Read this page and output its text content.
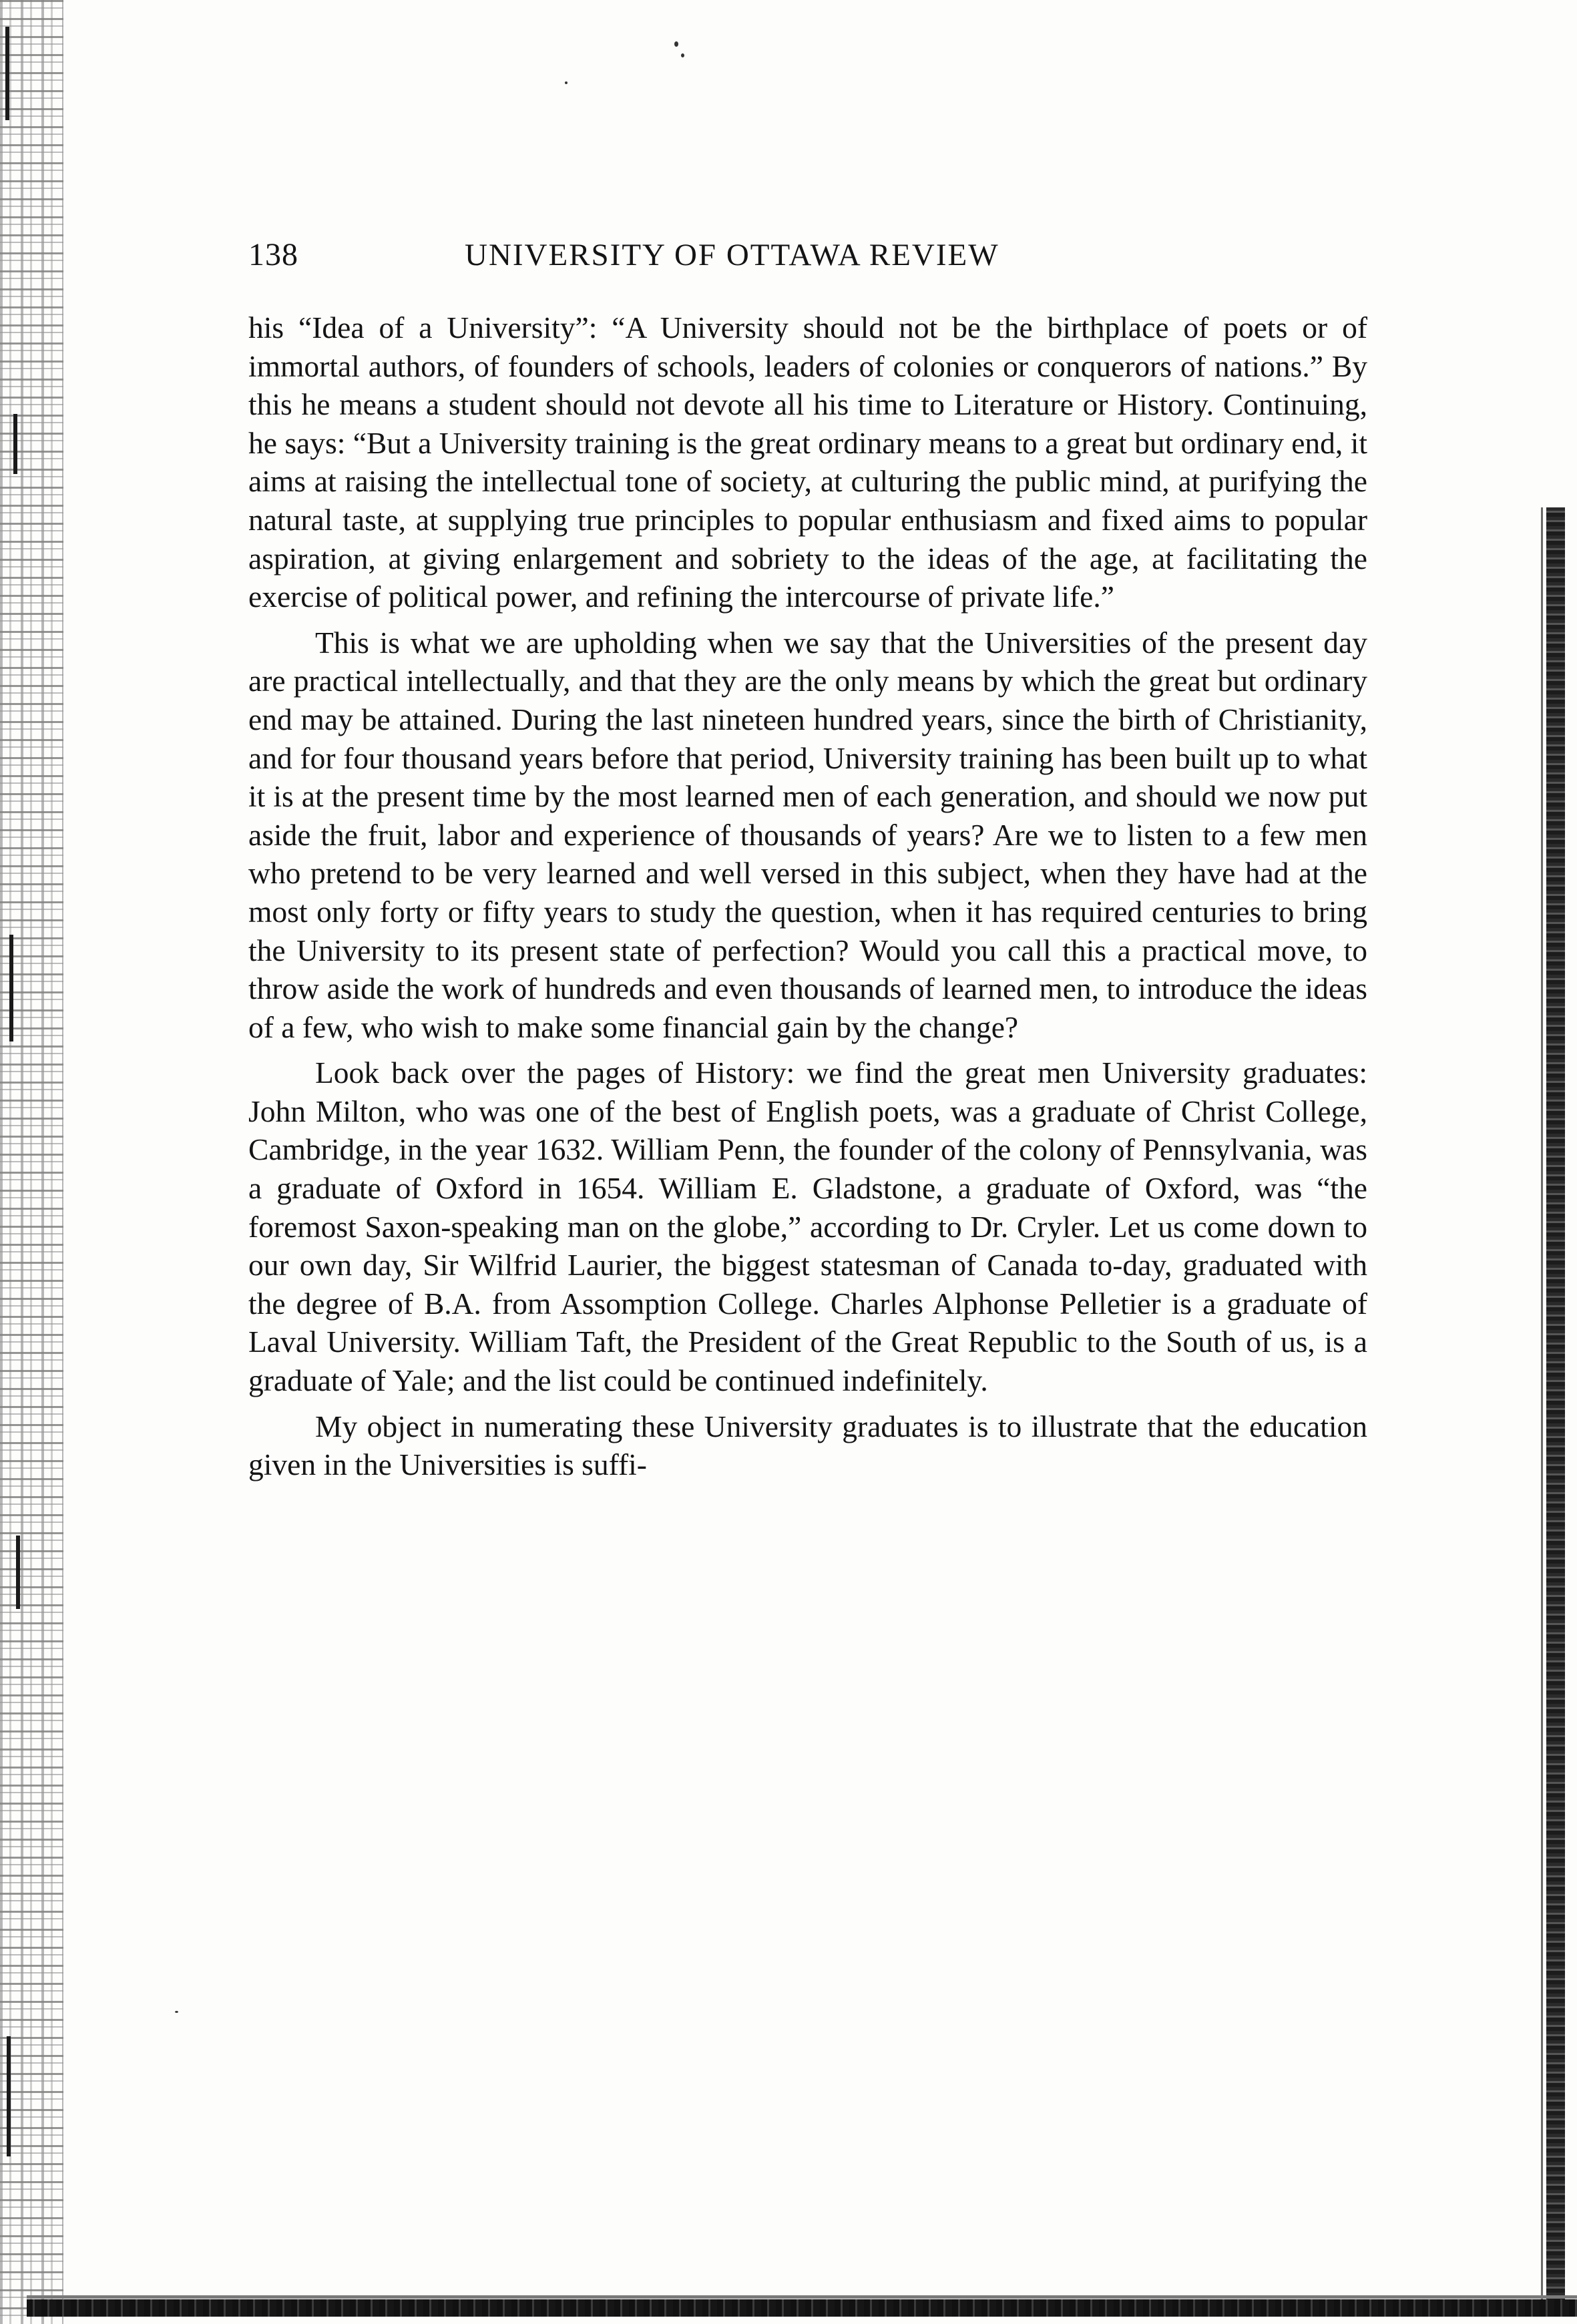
138	UNIVERSITY OF OTTAWA REVIEW

his “Idea of a University”: “A University should not be the birthplace of poets or of immortal authors, of founders of schools, leaders of colonies or conquerors of nations.” By this he means a student should not devote all his time to Literature or History. Continuing, he says: “But a University training is the great ordinary means to a great but ordinary end, it aims at raising the intellectual tone of society, at culturing the public mind, at purifying the natural taste, at supplying true principles to popular enthusiasm and fixed aims to popular aspiration, at giving enlargement and sobriety to the ideas of the age, at facilitating the exercise of political power, and refining the intercourse of private life.”

This is what we are upholding when we say that the Universities of the present day are practical intellectually, and that they are the only means by which the great but ordinary end may be attained. During the last nineteen hundred years, since the birth of Christianity, and for four thousand years before that period, University training has been built up to what it is at the present time by the most learned men of each generation, and should we now put aside the fruit, labor and experience of thousands of years? Are we to listen to a few men who pretend to be very learned and well versed in this subject, when they have had at the most only forty or fifty years to study the question, when it has required centuries to bring the University to its present state of perfection? Would you call this a practical move, to throw aside the work of hundreds and even thousands of learned men, to introduce the ideas of a few, who wish to make some financial gain by the change?

Look back over the pages of History: we find the great men University graduates: John Milton, who was one of the best of English poets, was a graduate of Christ College, Cambridge, in the year 1632. William Penn, the founder of the colony of Pennsylvania, was a graduate of Oxford in 1654. William E. Gladstone, a graduate of Oxford, was “the foremost Saxon-speaking man on the globe,” according to Dr. Cryler. Let us come down to our own day, Sir Wilfrid Laurier, the biggest statesman of Canada to-day, graduated with the degree of B.A. from Assomption College. Charles Alphonse Pelletier is a graduate of Laval University. William Taft, the President of the Great Republic to the South of us, is a graduate of Yale; and the list could be continued indefinitely.

My object in numerating these University graduates is to illustrate that the education given in the Universities is suffi-
